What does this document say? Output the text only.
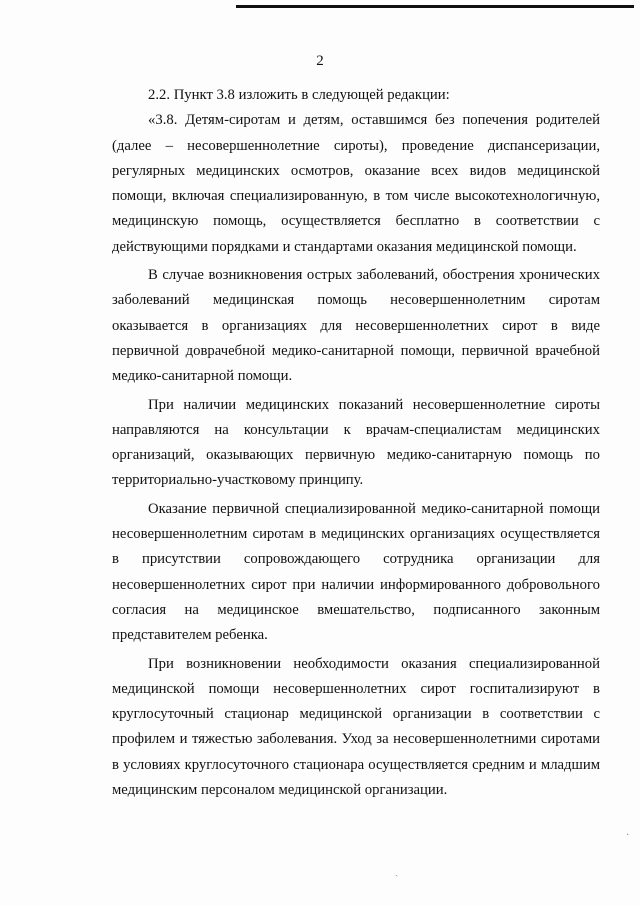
2

2.2. Пункт 3.8 изложить в следующей редакции:

«3.8. Детям-сиротам и детям, оставшимся без попечения родителей (далее – несовершеннолетние сироты), проведение диспансеризации, регулярных медицинских осмотров, оказание всех видов медицинской помощи, включая специализированную, в том числе высокотехнологичную, медицинскую помощь, осуществляется бесплатно в соответствии с действующими порядками и стандартами оказания медицинской помощи.

В случае возникновения острых заболеваний, обострения хронических заболеваний медицинская помощь несовершеннолетним сиротам оказывается в организациях для несовершеннолетних сирот в виде первичной доврачебной медико-санитарной помощи, первичной врачебной медико-санитарной помощи.

При наличии медицинских показаний несовершеннолетние сироты направляются на консультации к врачам-специалистам медицинских организаций, оказывающих первичную медико-санитарную помощь по территориально-участковому принципу.

Оказание первичной специализированной медико-санитарной помощи несовершеннолетним сиротам в медицинских организациях осуществляется в присутствии сопровождающего сотрудника организации для несовершеннолетних сирот при наличии информированного добровольного согласия на медицинское вмешательство, подписанного законным представителем ребенка.

При возникновении необходимости оказания специализированной медицинской помощи несовершеннолетних сирот госпитализируют в круглосуточный стационар медицинской организации в соответствии с профилем и тяжестью заболевания. Уход за несовершеннолетними сиротами в условиях круглосуточного стационара осуществляется средним и младшим медицинским персоналом медицинской организации.

ˏ
·
